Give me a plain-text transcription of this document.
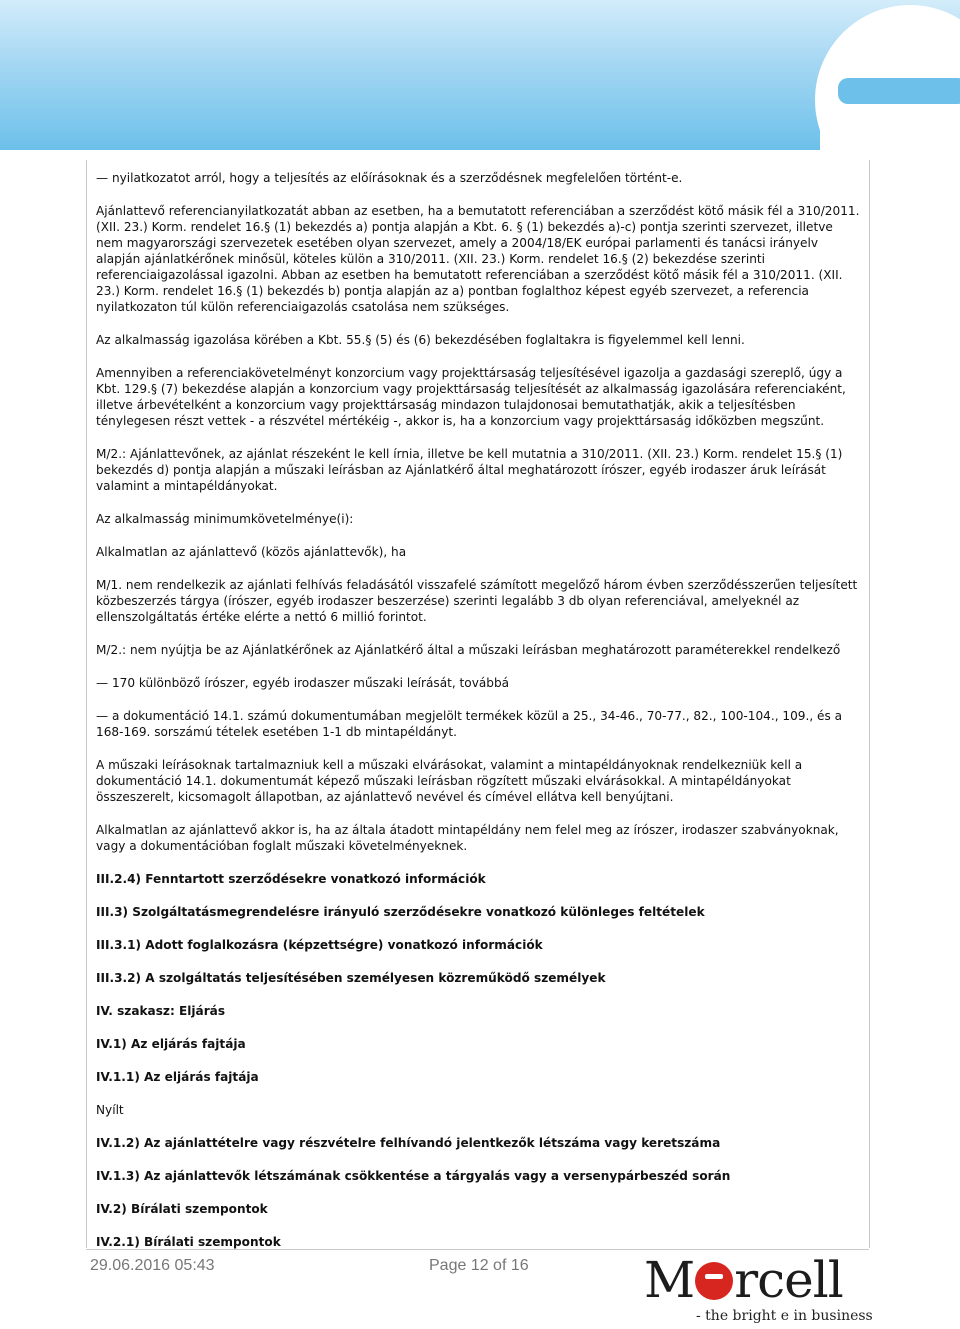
— nyilatkozatot arról, hogy a teljesítés az előírásoknak és a szerződésnek megfelelően történt-e.

Ajánlattevő referencianyilatkozatát abban az esetben, ha a bemutatott referenciában a szerződést kötő másik fél a 310/2011. (XII. 23.) Korm. rendelet 16.§ (1) bekezdés a) pontja alapján a Kbt. 6. § (1) bekezdés a)-c) pontja szerinti szervezet, illetve nem magyarországi szervezetek esetében olyan szervezet, amely a 2004/18/EK európai parlamenti és tanácsi irányelv alapján ajánlatkérőnek minősül, köteles külön a 310/2011. (XII. 23.) Korm. rendelet 16.§ (2) bekezdése szerinti referenciaigazolással igazolni. Abban az esetben ha bemutatott referenciában a szerződést kötő másik fél a 310/2011. (XII. 23.) Korm. rendelet 16.§ (1) bekezdés b) pontja alapján az a) pontban foglalthoz képest egyéb szervezet, a referencia nyilatkozaton túl külön referenciaigazolás csatolása nem szükséges.

Az alkalmasság igazolása körében a Kbt. 55.§ (5) és (6) bekezdésében foglaltakra is figyelemmel kell lenni.

Amennyiben a referenciakövetelményt konzorcium vagy projekttársaság teljesítésével igazolja a gazdasági szereplő, úgy a Kbt. 129.§ (7) bekezdése alapján a konzorcium vagy projekttársaság teljesítését az alkalmasság igazolására referenciaként, illetve árbevételként a konzorcium vagy projekttársaság mindazon tulajdonosai bemutathatják, akik a teljesítésben ténylegesen részt vettek - a részvétel mértékéig -, akkor is, ha a konzorcium vagy projekttársaság időközben megszűnt.

M/2.: Ajánlattevőnek, az ajánlat részeként le kell írnia, illetve be kell mutatnia a 310/2011. (XII. 23.) Korm. rendelet 15.§ (1) bekezdés d) pontja alapján a műszaki leírásban az Ajánlatkérő által meghatározott írószer, egyéb irodaszer áruk leírását valamint a mintapéldányokat.

Az alkalmasság minimumkövetelménye(i):

Alkalmatlan az ajánlattevő (közös ajánlattevők), ha

M/1. nem rendelkezik az ajánlati felhívás feladásától visszafelé számított megelőző három évben szerződésszerűen teljesített közbeszerzés tárgya (írószer, egyéb irodaszer beszerzése) szerinti legalább 3 db olyan referenciával, amelyeknél az ellenszolgáltatás értéke elérte a nettó 6 millió forintot.

M/2.: nem nyújtja be az Ajánlatkérőnek az Ajánlatkérő által a műszaki leírásban meghatározott paraméterekkel rendelkező

— 170 különböző írószer, egyéb irodaszer műszaki leírását, továbbá

— a dokumentáció 14.1. számú dokumentumában megjelölt termékek közül a 25., 34-46., 70-77., 82., 100-104., 109., és a 168-169. sorszámú tételek esetében 1-1 db mintapéldányt.

A műszaki leírásoknak tartalmazniuk kell a műszaki elvárásokat, valamint a mintapéldányoknak rendelkezniük kell a dokumentáció 14.1. dokumentumát képező műszaki leírásban rögzített műszaki elvárásokkal. A mintapéldányokat összeszerelt, kicsomagolt állapotban, az ajánlattevő nevével és címével ellátva kell benyújtani.

Alkalmatlan az ajánlattevő akkor is, ha az általa átadott mintapéldány nem felel meg az írószer, irodaszer szabványoknak, vagy a dokumentációban foglalt műszaki követelményeknek.

III.2.4) Fenntartott szerződésekre vonatkozó információk

III.3) Szolgáltatásmegrendelésre irányuló szerződésekre vonatkozó különleges feltételek

III.3.1) Adott foglalkozásra (képzettségre) vonatkozó információk

III.3.2) A szolgáltatás teljesítésében személyesen közreműködő személyek

IV. szakasz: Eljárás

IV.1) Az eljárás fajtája

IV.1.1) Az eljárás fajtája

Nyílt

IV.1.2) Az ajánlattételre vagy részvételre felhívandó jelentkezők létszáma vagy keretszáma

IV.1.3) Az ajánlattevők létszámának csökkentése a tárgyalás vagy a versenypárbeszéd során

IV.2) Bírálati szempontok

IV.2.1) Bírálati szempontok

29.06.2016 05:43	Page 12 of 16 M rcell
- the bright e in business
